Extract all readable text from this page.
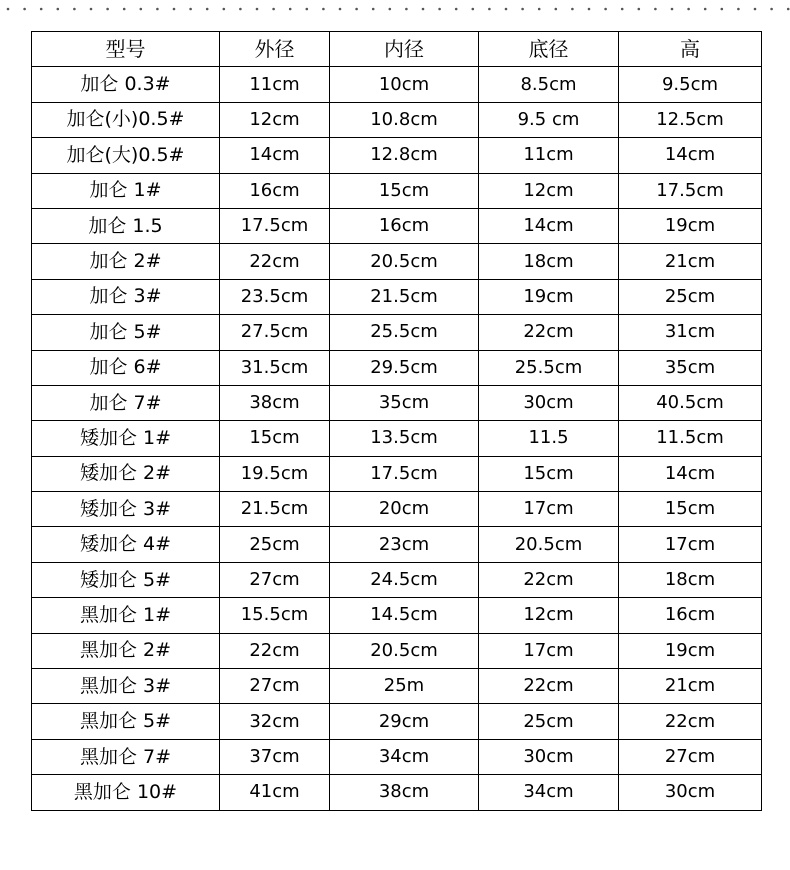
型号	外径	内径	底径	高
加仑 0.3#	11cm	10cm	8.5cm	9.5cm
加仑(小)0.5#	12cm	10.8cm	9.5 cm	12.5cm
加仑(大)0.5#	14cm	12.8cm	11cm	14cm
加仑 1#	16cm	15cm	12cm	17.5cm
加仑 1.5	17.5cm	16cm	14cm	19cm
加仑 2#	22cm	20.5cm	18cm	21cm
加仑 3#	23.5cm	21.5cm	19cm	25cm
加仑 5#	27.5cm	25.5cm	22cm	31cm
加仑 6#	31.5cm	29.5cm	25.5cm	35cm
加仑 7#	38cm	35cm	30cm	40.5cm
矮加仑 1#	15cm	13.5cm	11.5	11.5cm
矮加仑 2#	19.5cm	17.5cm	15cm	14cm
矮加仑 3#	21.5cm	20cm	17cm	15cm
矮加仑 4#	25cm	23cm	20.5cm	17cm
矮加仑 5#	27cm	24.5cm	22cm	18cm
黑加仑 1#	15.5cm	14.5cm	12cm	16cm
黑加仑 2#	22cm	20.5cm	17cm	19cm
黑加仑 3#	27cm	25m	22cm	21cm
黑加仑 5#	32cm	29cm	25cm	22cm
黑加仑 7#	37cm	34cm	30cm	27cm
黑加仑 10#	41cm	38cm	34cm	30cm
